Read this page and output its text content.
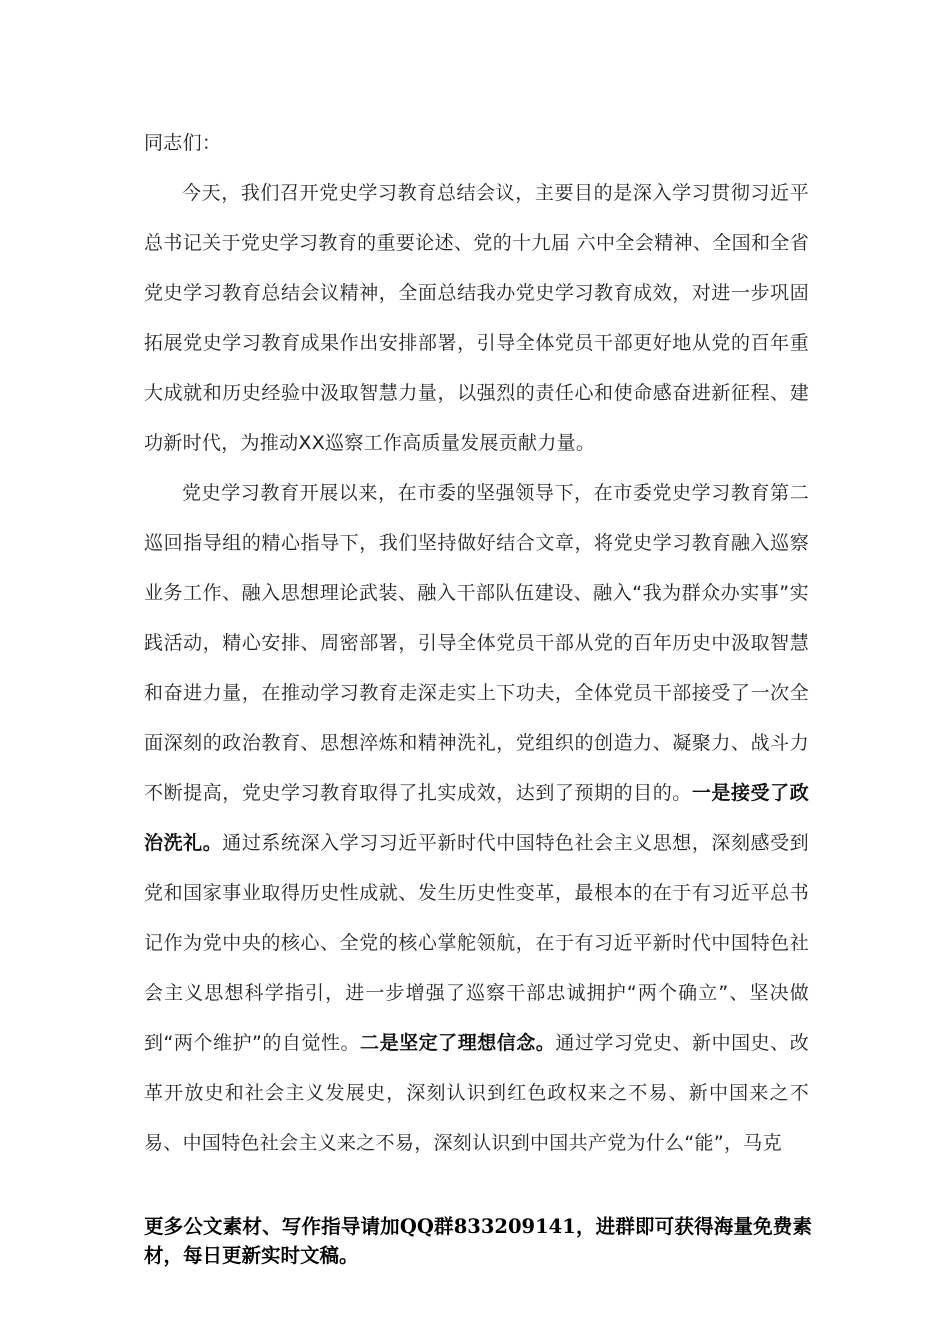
同志们：

今天，我们召开党史学习教育总结会议，主要目的是深入学习贯彻习近平总书记关于党史学习教育的重要论述、党的十九届 六中全会精神、全国和全省党史学习教育总结会议精神，全面总结我办党史学习教育成效，对进一步巩固拓展党史学习教育成果作出安排部署，引导全体党员干部更好地从党的百年重大成就和历史经验中汲取智慧力量，以强烈的责任心和使命感奋进新征程、建功新时代，为推动XX巡察工作高质量发展贡献力量。

党史学习教育开展以来，在市委的坚强领导下，在市委党史学习教育第二巡回指导组的精心指导下，我们坚持做好结合文章，将党史学习教育融入巡察业务工作、融入思想理论武装、融入干部队伍建设、融入“我为群众办实事”实践活动，精心安排、周密部署，引导全体党员干部从党的百年历史中汲取智慧和奋进力量，在推动学习教育走深走实上下功夫，全体党员干部接受了一次全面深刻的政治教育、思想淬炼和精神洗礼，党组织的创造力、凝聚力、战斗力不断提高，党史学习教育取得了扎实成效，达到了预期的目的。一是接受了政治洗礼。通过系统深入学习习近平新时代中国特色社会主义思想，深刻感受到党和国家事业取得历史性成就、发生历史性变革，最根本的在于有习近平总书记作为党中央的核心、全党的核心掌舵领航，在于有习近平新时代中国特色社会主义思想科学指引，进一步增强了巡察干部忠诚拥护“两个确立”、坚决做到“两个维护”的自觉性。二是坚定了理想信念。通过学习党史、新中国史、改革开放史和社会主义发展史，深刻认识到红色政权来之不易、新中国来之不易、中国特色社会主义来之不易，深刻认识到中国共产党为什么“能”，马克

更多公文素材、写作指导请加QQ群833209141，进群即可获得海量免费素材，每日更新实时文稿。
